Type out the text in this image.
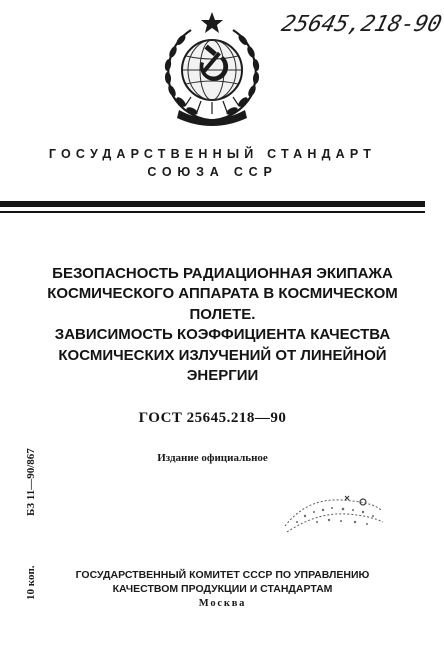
25645,218-90
ГОСУДАРСТВЕННЫЙ СТАНДАРТ
СОЮЗА ССР
БЕЗОПАСНОСТЬ РАДИАЦИОННАЯ ЭКИПАЖА
КОСМИЧЕСКОГО АППАРАТА В КОСМИЧЕСКОМ
ПОЛЕТЕ.
ЗАВИСИМОСТЬ КОЭФФИЦИЕНТА КАЧЕСТВА
КОСМИЧЕСКИХ ИЗЛУЧЕНИЙ ОТ ЛИНЕЙНОЙ
ЭНЕРГИИ
ГОСТ 25645.218—90
Издание официальное
БЗ 11—90/867
10 коп.	ГОСУДАРСТВЕННЫЙ КОМИТЕТ СССР ПО УПРАВЛЕНИЮ
КАЧЕСТВОМ ПРОДУКЦИИ И СТАНДАРТАМ
Москва
